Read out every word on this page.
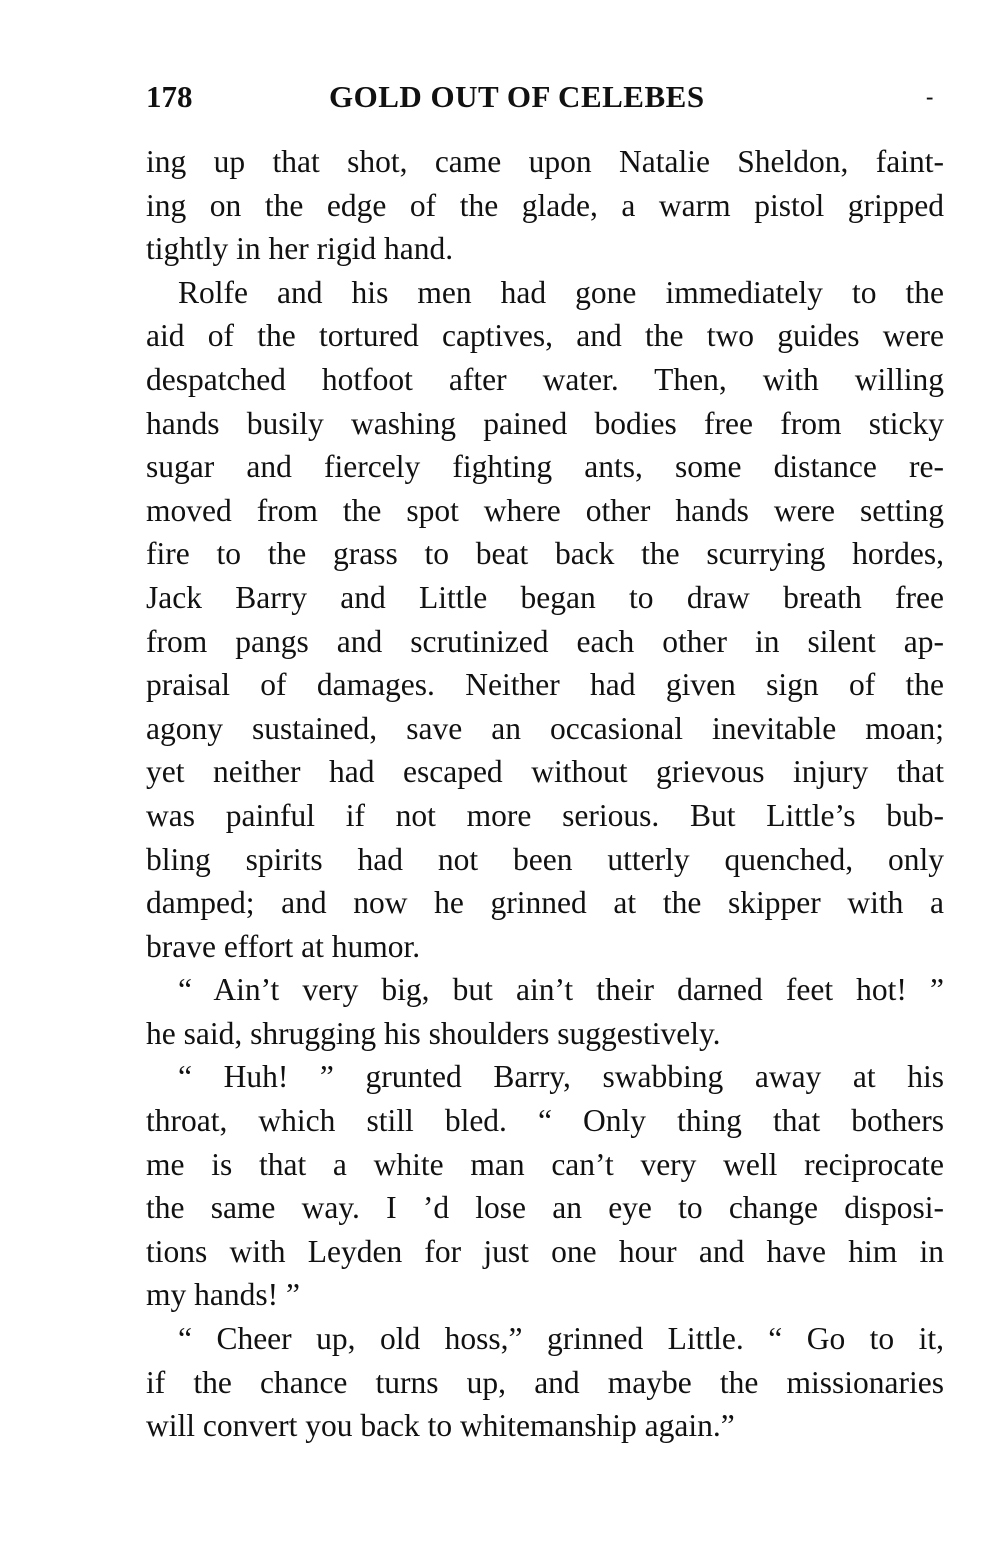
178	GOLD OUT OF CELEBES	-
ing up that shot, came upon Natalie Sheldon, faint-
ing on the edge of the glade, a warm pistol gripped
tightly in her rigid hand.
Rolfe and his men had gone immediately to the
aid of the tortured captives, and the two guides were
despatched hotfoot after water. Then, with willing
hands busily washing pained bodies free from sticky
sugar and fiercely fighting ants, some distance re-
moved from the spot where other hands were setting
fire to the grass to beat back the scurrying hordes,
Jack Barry and Little began to draw breath free
from pangs and scrutinized each other in silent ap-
praisal of damages. Neither had given sign of the
agony sustained, save an occasional inevitable moan;
yet neither had escaped without grievous injury that
was painful if not more serious. But Little’s bub-
bling spirits had not been utterly quenched, only
damped; and now he grinned at the skipper with a
brave effort at humor.
“ Ain’t very big, but ain’t their darned feet hot! ”
he said, shrugging his shoulders suggestively.
“ Huh! ” grunted Barry, swabbing away at his
throat, which still bled. “ Only thing that bothers
me is that a white man can’t very well reciprocate
the same way. I ’d lose an eye to change disposi-
tions with Leyden for just one hour and have him in
my hands! ”
“ Cheer up, old hoss,” grinned Little. “ Go to it,
if the chance turns up, and maybe the missionaries
will convert you back to whitemanship again.”
